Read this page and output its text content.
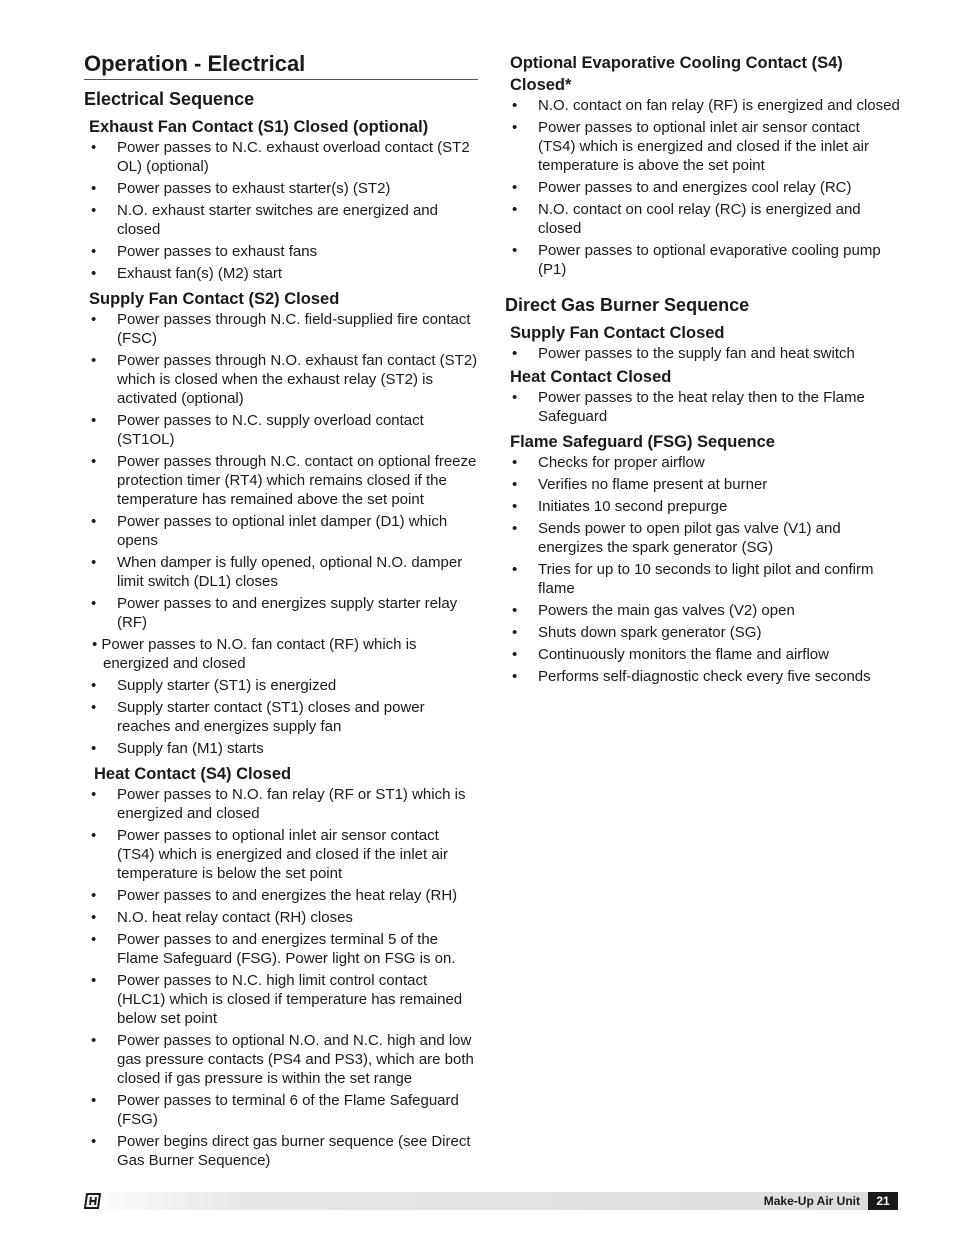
Operation - Electrical
Electrical Sequence
Exhaust Fan Contact (S1) Closed (optional)
• Power passes to N.C. exhaust overload contact (ST2 OL) (optional)
• Power passes to exhaust starter(s) (ST2)
• N.O. exhaust starter switches are energized and closed
• Power passes to exhaust fans
• Exhaust fan(s) (M2) start
Supply Fan Contact (S2) Closed
• Power passes through N.C. field-supplied fire contact (FSC)
• Power passes through N.O. exhaust fan contact (ST2) which is closed when the exhaust relay (ST2) is activated (optional)
• Power passes to N.C. supply overload contact (ST1OL)
• Power passes through N.C. contact on optional freeze protection timer (RT4) which remains closed if the temperature has remained above the set point
• Power passes to optional inlet damper (D1) which opens
• When damper is fully opened, optional N.O. damper limit switch (DL1) closes
• Power passes to and energizes supply starter relay (RF)
• Power passes to N.O. fan contact (RF) which is energized and closed
• Supply starter (ST1) is energized
• Supply starter contact (ST1) closes and power reaches and energizes supply fan
• Supply fan (M1) starts
Heat Contact (S4) Closed
• Power passes to N.O. fan relay (RF or ST1) which is energized and closed
• Power passes to optional inlet air sensor contact (TS4) which is energized and closed if the inlet air temperature is below the set point
• Power passes to and energizes the heat relay (RH)
• N.O. heat relay contact (RH) closes
• Power passes to and energizes terminal 5 of the Flame Safeguard (FSG). Power light on FSG is on.
• Power passes to N.C. high limit control contact (HLC1) which is closed if temperature has remained below set point
• Power passes to optional N.O. and N.C. high and low gas pressure contacts (PS4 and PS3), which are both closed if gas pressure is within the set range
• Power passes to terminal 6 of the Flame Safeguard (FSG)
• Power begins direct gas burner sequence (see Direct Gas Burner Sequence)
Optional Evaporative Cooling Contact (S4) Closed*
• N.O. contact on fan relay (RF) is energized and closed
• Power passes to optional inlet air sensor contact (TS4) which is energized and closed if the inlet air temperature is above the set point
• Power passes to and energizes cool relay (RC)
• N.O. contact on cool relay (RC) is energized and closed
• Power passes to optional evaporative cooling pump (P1)
Direct Gas Burner Sequence
Supply Fan Contact Closed
• Power passes to the supply fan and heat switch
Heat Contact Closed
• Power passes to the heat relay then to the Flame Safeguard
Flame Safeguard (FSG) Sequence
• Checks for proper airflow
• Verifies no flame present at burner
• Initiates 10 second prepurge
• Sends power to open pilot gas valve (V1) and energizes the spark generator (SG)
• Tries for up to 10 seconds to light pilot and confirm flame
• Powers the main gas valves (V2) open
• Shuts down spark generator (SG)
• Continuously monitors the flame and airflow
• Performs self-diagnostic check every five seconds
Make-Up Air Unit	21
